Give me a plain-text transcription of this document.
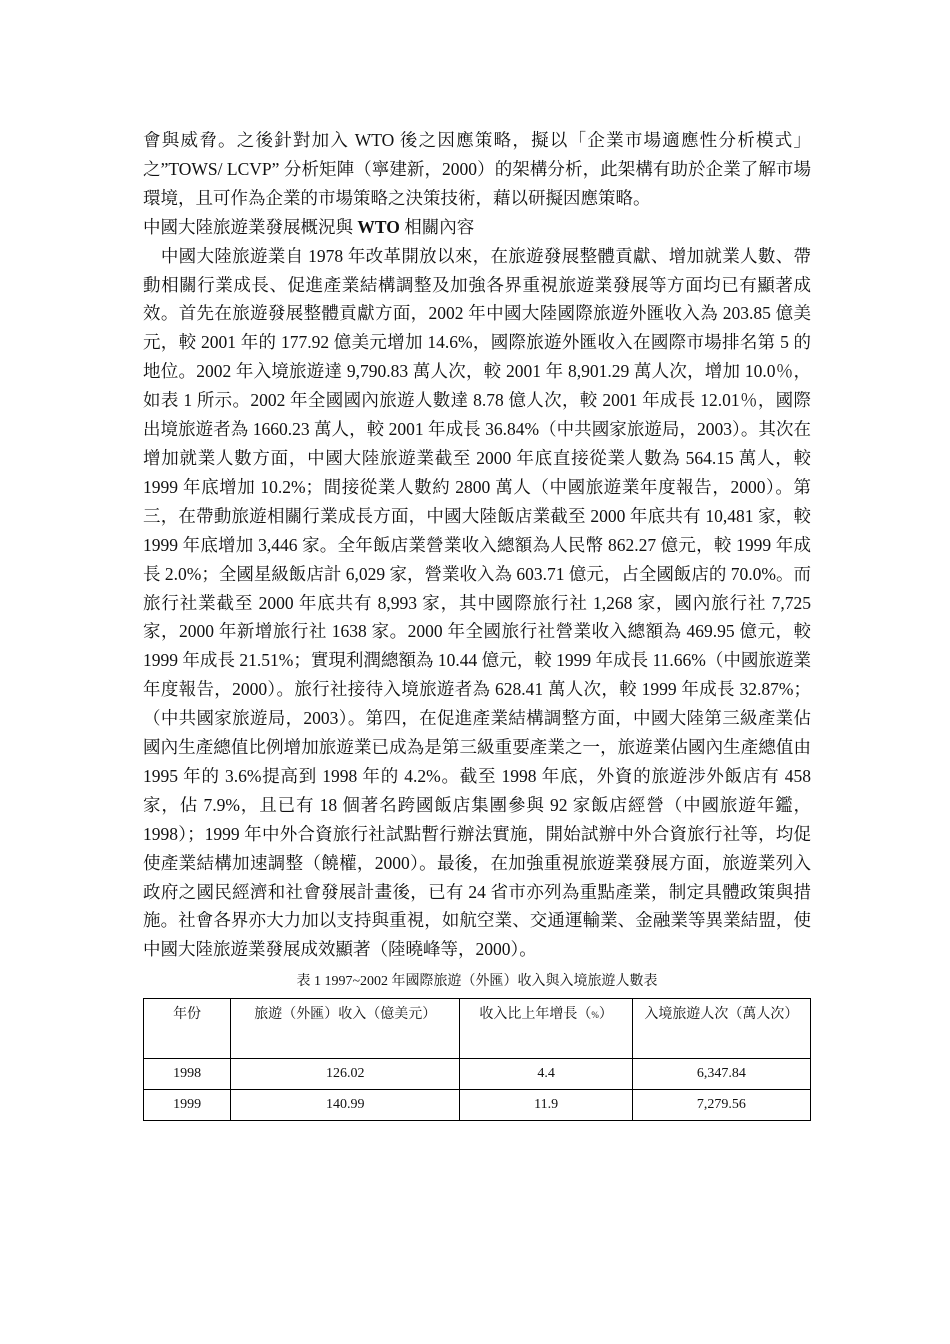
會與威脅。之後針對加入 WTO 後之因應策略，擬以「企業市場適應性分析模式」之”TOWS/ LCVP” 分析矩陣（寧建新，2000）的架構分析，此架構有助於企業了解市場環境，且可作為企業的市場策略之決策技術，藉以研擬因應策略。

中國大陸旅遊業發展概況與 WTO 相關內容

　中國大陸旅遊業自 1978 年改革開放以來，在旅遊發展整體貢獻、增加就業人數、帶動相關行業成長、促進產業結構調整及加強各界重視旅遊業發展等方面均已有顯著成效。首先在旅遊發展整體貢獻方面，2002 年中國大陸國際旅遊外匯收入為 203.85 億美元，較 2001 年的 177.92 億美元增加 14.6%，國際旅遊外匯收入在國際市場排名第 5 的地位。2002 年入境旅遊達 9,790.83 萬人次，較 2001 年 8,901.29 萬人次，增加 10.0％，如表 1 所示。2002 年全國國內旅遊人數達 8.78 億人次，較 2001 年成長 12.01％，國際出境旅遊者為 1660.23 萬人，較 2001 年成長 36.84%（中共國家旅遊局，2003）。其次在增加就業人數方面，中國大陸旅遊業截至 2000 年底直接從業人數為 564.15 萬人，較 1999 年底增加 10.2%；間接從業人數約 2800 萬人（中國旅遊業年度報告，2000）。第三，在帶動旅遊相關行業成長方面，中國大陸飯店業截至 2000 年底共有 10,481 家，較 1999 年底增加 3,446 家。全年飯店業營業收入總額為人民幣 862.27 億元，較 1999 年成長 2.0%；全國星級飯店計 6,029 家，營業收入為 603.71 億元，占全國飯店的 70.0%。而旅行社業截至 2000 年底共有 8,993 家，其中國際旅行社 1,268 家，國內旅行社 7,725 家，2000 年新增旅行社 1638 家。2000 年全國旅行社營業收入總額為 469.95 億元，較 1999 年成長 21.51%；實現利潤總額為 10.44 億元，較 1999 年成長 11.66%（中國旅遊業年度報告，2000）。旅行社接待入境旅遊者為 628.41 萬人次，較 1999 年成長 32.87%；（中共國家旅遊局，2003）。第四，在促進產業結構調整方面，中國大陸第三級產業佔國內生產總值比例增加旅遊業已成為是第三級重要產業之一，旅遊業佔國內生產總值由 1995 年的 3.6%提高到 1998 年的 4.2%。截至 1998 年底，外資的旅遊涉外飯店有 458 家，佔 7.9%，且已有 18 個著名跨國飯店集團參與 92 家飯店經營（中國旅遊年鑑，1998）；1999 年中外合資旅行社試點暫行辦法實施，開始試辦中外合資旅行社等，均促使產業結構加速調整（饒權，2000）。最後，在加強重視旅遊業發展方面，旅遊業列入政府之國民經濟和社會發展計畫後，已有 24 省市亦列為重點產業，制定具體政策與措施。社會各界亦大力加以支持與重視，如航空業、交通運輸業、金融業等異業結盟，使中國大陸旅遊業發展成效顯著（陸曉峰等，2000）。

表 1 1997~2002 年國際旅遊（外匯）收入與入境旅遊人數表
年份	旅遊（外匯）收入（億美元）	收入比上年增長（%）	入境旅遊人次（萬人次）
1998	126.02	4.4	6,347.84
1999	140.99	11.9	7,279.56
